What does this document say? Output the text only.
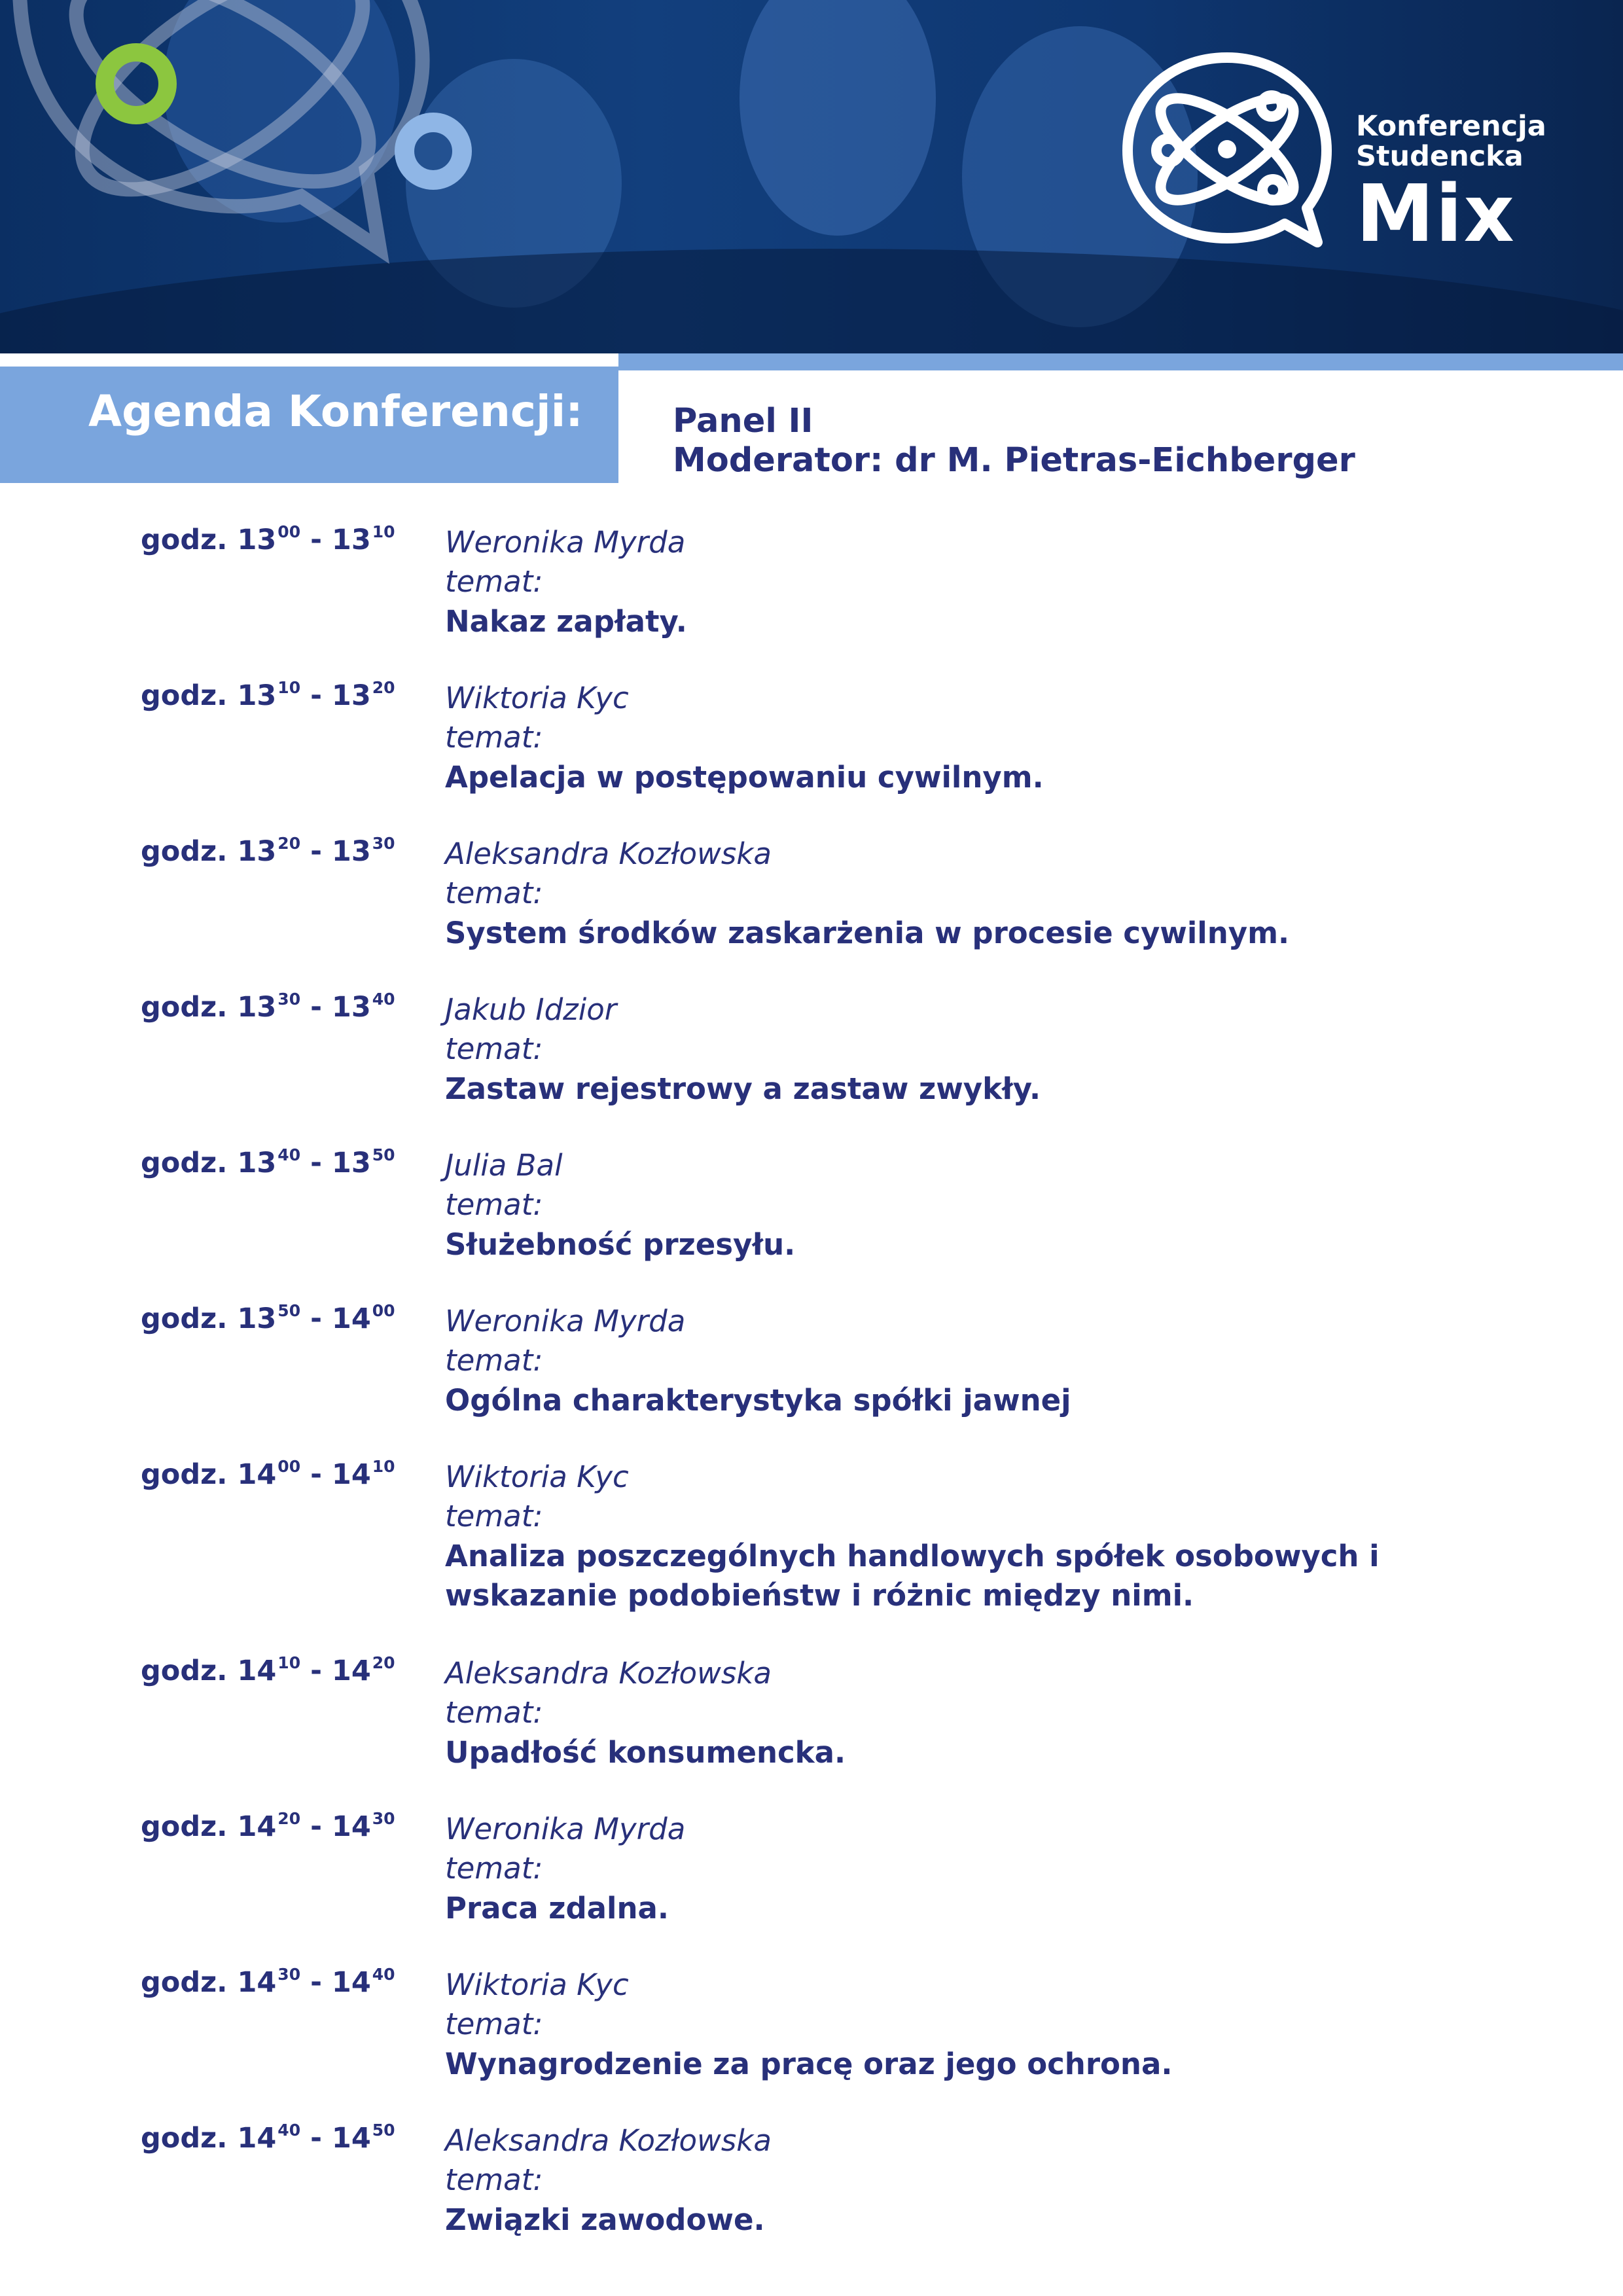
Konferencja
Studencka
Mix
Agenda Konferencji:	Panel II
Moderator: dr M. Pietras-Eichberger
godz. $13^{00} - 13^{10}$ Weronika Myrda
temat:
Nakaz zapłaty.
godz. $13^{10} - 13^{20}$ Wiktoria Kyc
temat:
Apelacja w postępowaniu cywilnym.
godz. $13^{20} - 13^{30}$ Aleksandra Kozłowska
temat:
System środków zaskarżenia w procesie cywilnym.
godz. $13^{30} - 13^{40}$ Jakub Idzior
temat:
Zastaw rejestrowy a zastaw zwykły.
godz. $13^{40} - 13^{50}$ Julia Bal
temat:
Służebność przesyłu.
godz. $13^{50} - 14^{00}$ Weronika Myrda
temat:
Ogólna charakterystyka spółki jawnej
godz. $14^{00} - 14^{10}$ Wiktoria Kyc
temat:
Analiza poszczególnych handlowych spółek osobowych i wskazanie podobieństw i różnic między nimi.
godz. $14^{10} - 14^{20}$ Aleksandra Kozłowska
temat:
Upadłość konsumencka.
godz. $14^{20} - 14^{30}$ Weronika Myrda
temat:
Praca zdalna.
godz. $14^{30} - 14^{40}$ Wiktoria Kyc
temat:
Wynagrodzenie za pracę oraz jego ochrona.
godz. $14^{40} - 14^{50}$ Aleksandra Kozłowska
temat:
Związki zawodowe.
